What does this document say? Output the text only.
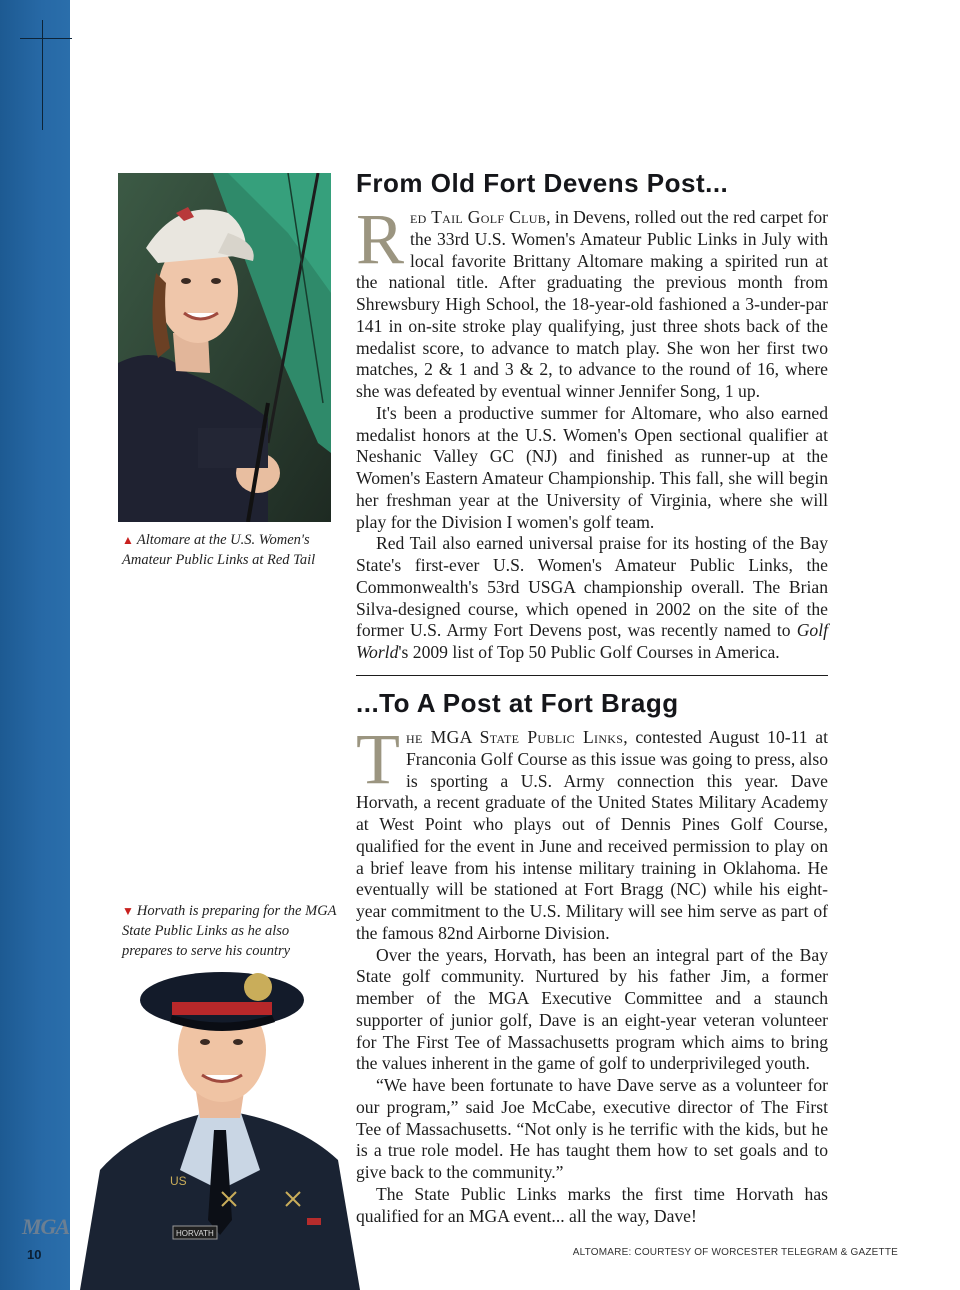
MGA
10
▲ Altomare at the U.S. Women's Amateur Public Links at Red Tail
▼ Horvath is preparing for the MGA State Public Links as he also prepares to serve his country
US
HORVATH
From Old Fort Devens Post...

Red Tail Golf Club, in Devens, rolled out the red carpet for the 33rd U.S. Women's Amateur Public Links in July with local favorite Brittany Altomare making a spirited run at the national title. After graduating the previous month from Shrewsbury High School, the 18-year-old fashioned a 3-under-par 141 in on-site stroke play qualifying, just three shots back of the medalist score, to advance to match play. She won her first two matches, 2 & 1 and 3 & 2, to advance to the round of 16, where she was defeated by eventual winner Jennifer Song, 1 up.

It's been a productive summer for Altomare, who also earned medalist honors at the U.S. Women's Open sectional qualifier at Neshanic Valley GC (NJ) and finished as runner-up at the Women's Eastern Amateur Championship. This fall, she will begin her freshman year at the University of Virginia, where she will play for the Division I women's golf team.

Red Tail also earned universal praise for its hosting of the Bay State's first-ever U.S. Women's Amateur Public Links, the Commonwealth's 53rd USGA championship overall. The Brian Silva-designed course, which opened in 2002 on the site of the former U.S. Army Fort Devens post, was recently named to Golf World's 2009 list of Top 50 Public Golf Courses in America.

...To A Post at Fort Bragg

The MGA State Public Links, contested August 10-11 at Franconia Golf Course as this issue was going to press, also is sporting a U.S. Army connection this year. Dave Horvath, a recent graduate of the United States Military Academy at West Point who plays out of Dennis Pines Golf Course, qualified for the event in June and received permission to play on a brief leave from his intense military training in Oklahoma. He eventually will be stationed at Fort Bragg (NC) while his eight-year commitment to the U.S. Military will see him serve as part of the famous 82nd Airborne Division.

Over the years, Horvath, has been an integral part of the Bay State golf community. Nurtured by his father Jim, a former member of the MGA Executive Committee and a staunch supporter of junior golf, Dave is an eight-year veteran volunteer for The First Tee of Massachusetts program which aims to bring the values inherent in the game of golf to underprivileged youth.

“We have been fortunate to have Dave serve as a volunteer for our program,” said Joe McCabe, executive director of The First Tee of Massachusetts. “Not only is he terrific with the kids, but he is a true role model. He has taught them how to set goals and to give back to the community.”

The State Public Links marks the first time Horvath has qualified for an MGA event... all the way, Dave!

ALTOMARE: COURTESY OF WORCESTER TELEGRAM & GAZETTE
